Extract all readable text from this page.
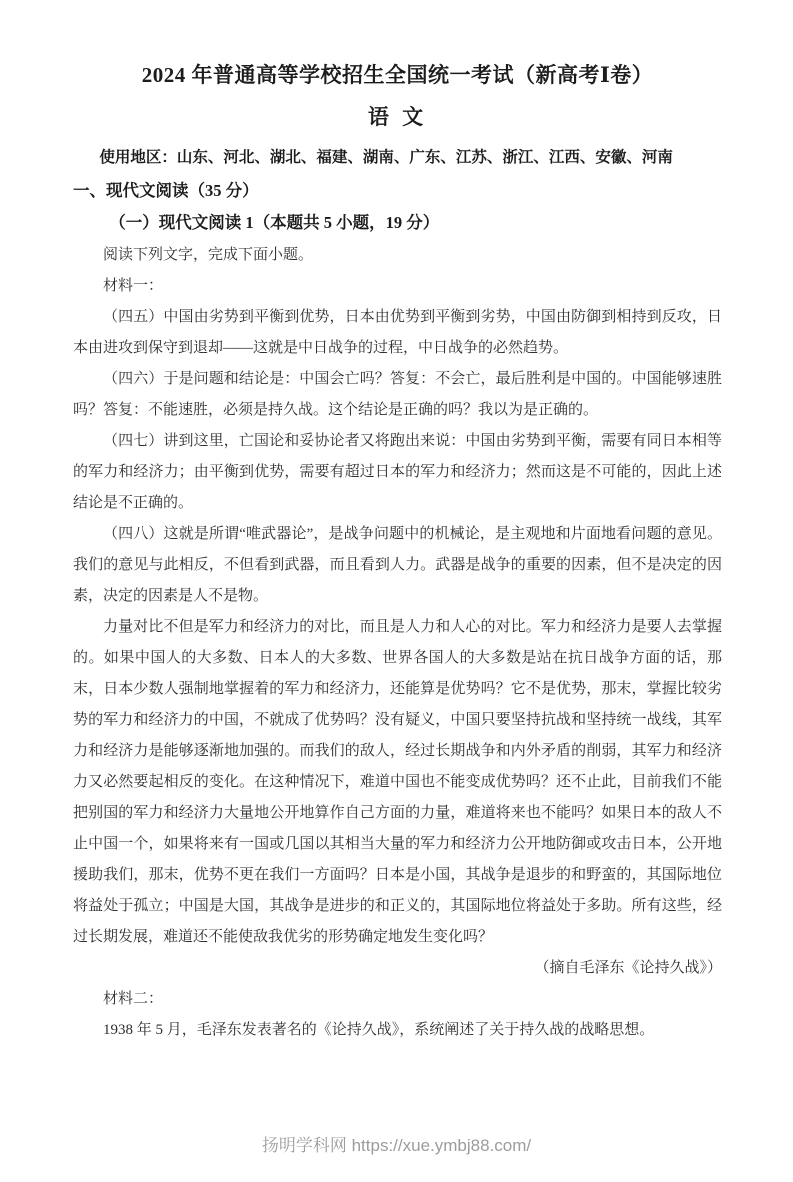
2024 年普通高等学校招生全国统一考试（新高考Ⅰ卷）
语 文

使用地区：山东、河北、湖北、福建、湖南、广东、江苏、浙江、江西、安徽、河南

一、现代文阅读（35 分）
（一）现代文阅读 1（本题共 5 小题，19 分）

阅读下列文字，完成下面小题。

材料一：

（四五）中国由劣势到平衡到优势，日本由优势到平衡到劣势，中国由防御到相持到反攻，日本由进攻到保守到退却——这就是中日战争的过程，中日战争的必然趋势。

（四六）于是问题和结论是：中国会亡吗？答复：不会亡，最后胜利是中国的。中国能够速胜吗？答复：不能速胜，必须是持久战。这个结论是正确的吗？我以为是正确的。

（四七）讲到这里，亡国论和妥协论者又将跑出来说：中国由劣势到平衡，需要有同日本相等的军力和经济力；由平衡到优势，需要有超过日本的军力和经济力；然而这是不可能的，因此上述结论是不正确的。

（四八）这就是所谓“唯武器论”，是战争问题中的机械论，是主观地和片面地看问题的意见。我们的意见与此相反，不但看到武器，而且看到人力。武器是战争的重要的因素，但不是决定的因素，决定的因素是人不是物。

力量对比不但是军力和经济力的对比，而且是人力和人心的对比。军力和经济力是要人去掌握的。如果中国人的大多数、日本人的大多数、世界各国人的大多数是站在抗日战争方面的话，那末，日本少数人强制地掌握着的军力和经济力，还能算是优势吗？它不是优势，那末，掌握比较劣势的军力和经济力的中国，不就成了优势吗？没有疑义，中国只要坚持抗战和坚持统一战线，其军力和经济力是能够逐渐地加强的。而我们的敌人，经过长期战争和内外矛盾的削弱，其军力和经济力又必然要起相反的变化。在这种情况下，难道中国也不能变成优势吗？还不止此，目前我们不能把别国的军力和经济力大量地公开地算作自己方面的力量，难道将来也不能吗？如果日本的敌人不止中国一个，如果将来有一国或几国以其相当大量的军力和经济力公开地防御或攻击日本，公开地援助我们，那末，优势不更在我们一方面吗？日本是小国，其战争是退步的和野蛮的，其国际地位将益处于孤立；中国是大国，其战争是进步的和正义的，其国际地位将益处于多助。所有这些，经过长期发展，难道还不能使敌我优劣的形势确定地发生变化吗？

（摘自毛泽东《论持久战》）

材料二：

1938 年 5 月，毛泽东发表著名的《论持久战》，系统阐述了关于持久战的战略思想。

扬明学科网 https://xue.ymbj88.com/
